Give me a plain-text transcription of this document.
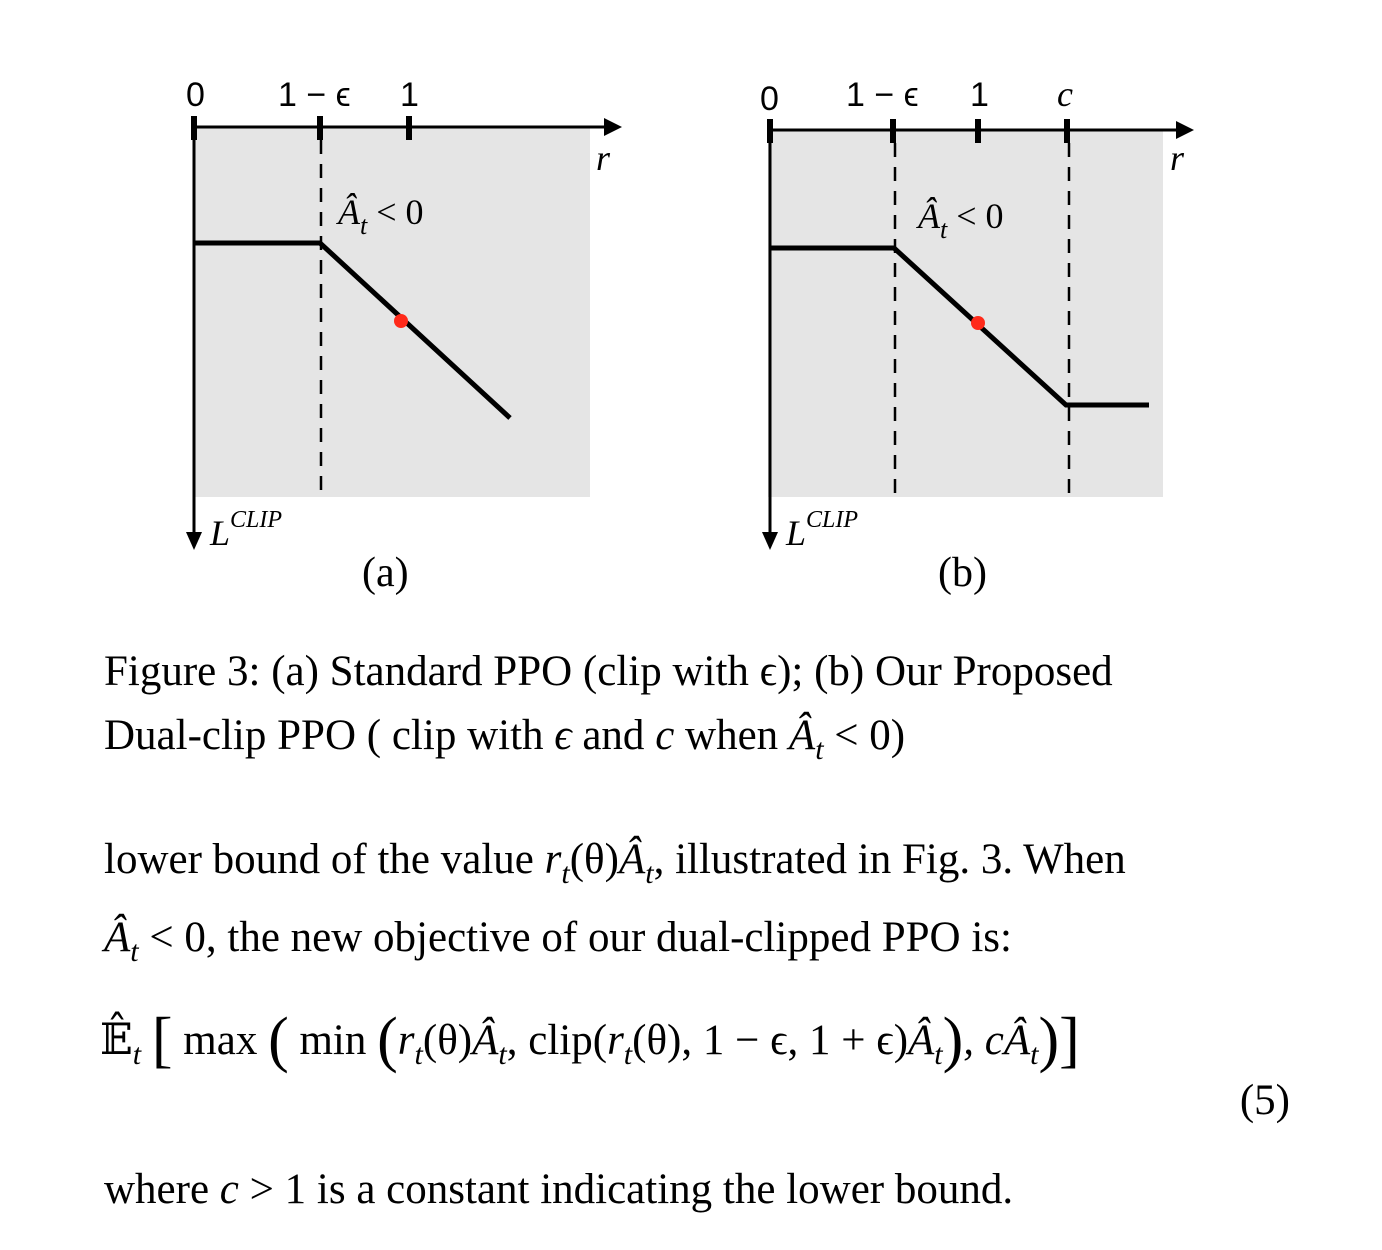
0 1 − ϵ 1
r
$Â_t < 0$
$L^{CLIP}$
(a)
0 1 − ϵ 1 c
r
$Â_t < 0$
$L^{CLIP}$
(b)
Figure 3: (a) Standard PPO (clip with ϵ); (b) Our Proposed
Dual-clip PPO ( clip with ϵ and c when $Â_t < 0$)
lower bound of the value $r_t(\theta)Â_t$, illustrated in Fig. 3. When
$Â_t < 0$, the new objective of our dual-clipped PPO is:
$𝔼̂_t$ [ max ( $\min (r_t(\theta)Â_t$, $clip(r_t(\theta)$, 1 − ϵ, $1 + \epsilon)Â_t$), $cÂ_t$)]
(5)
where c > 1 is a constant indicating the lower bound.
